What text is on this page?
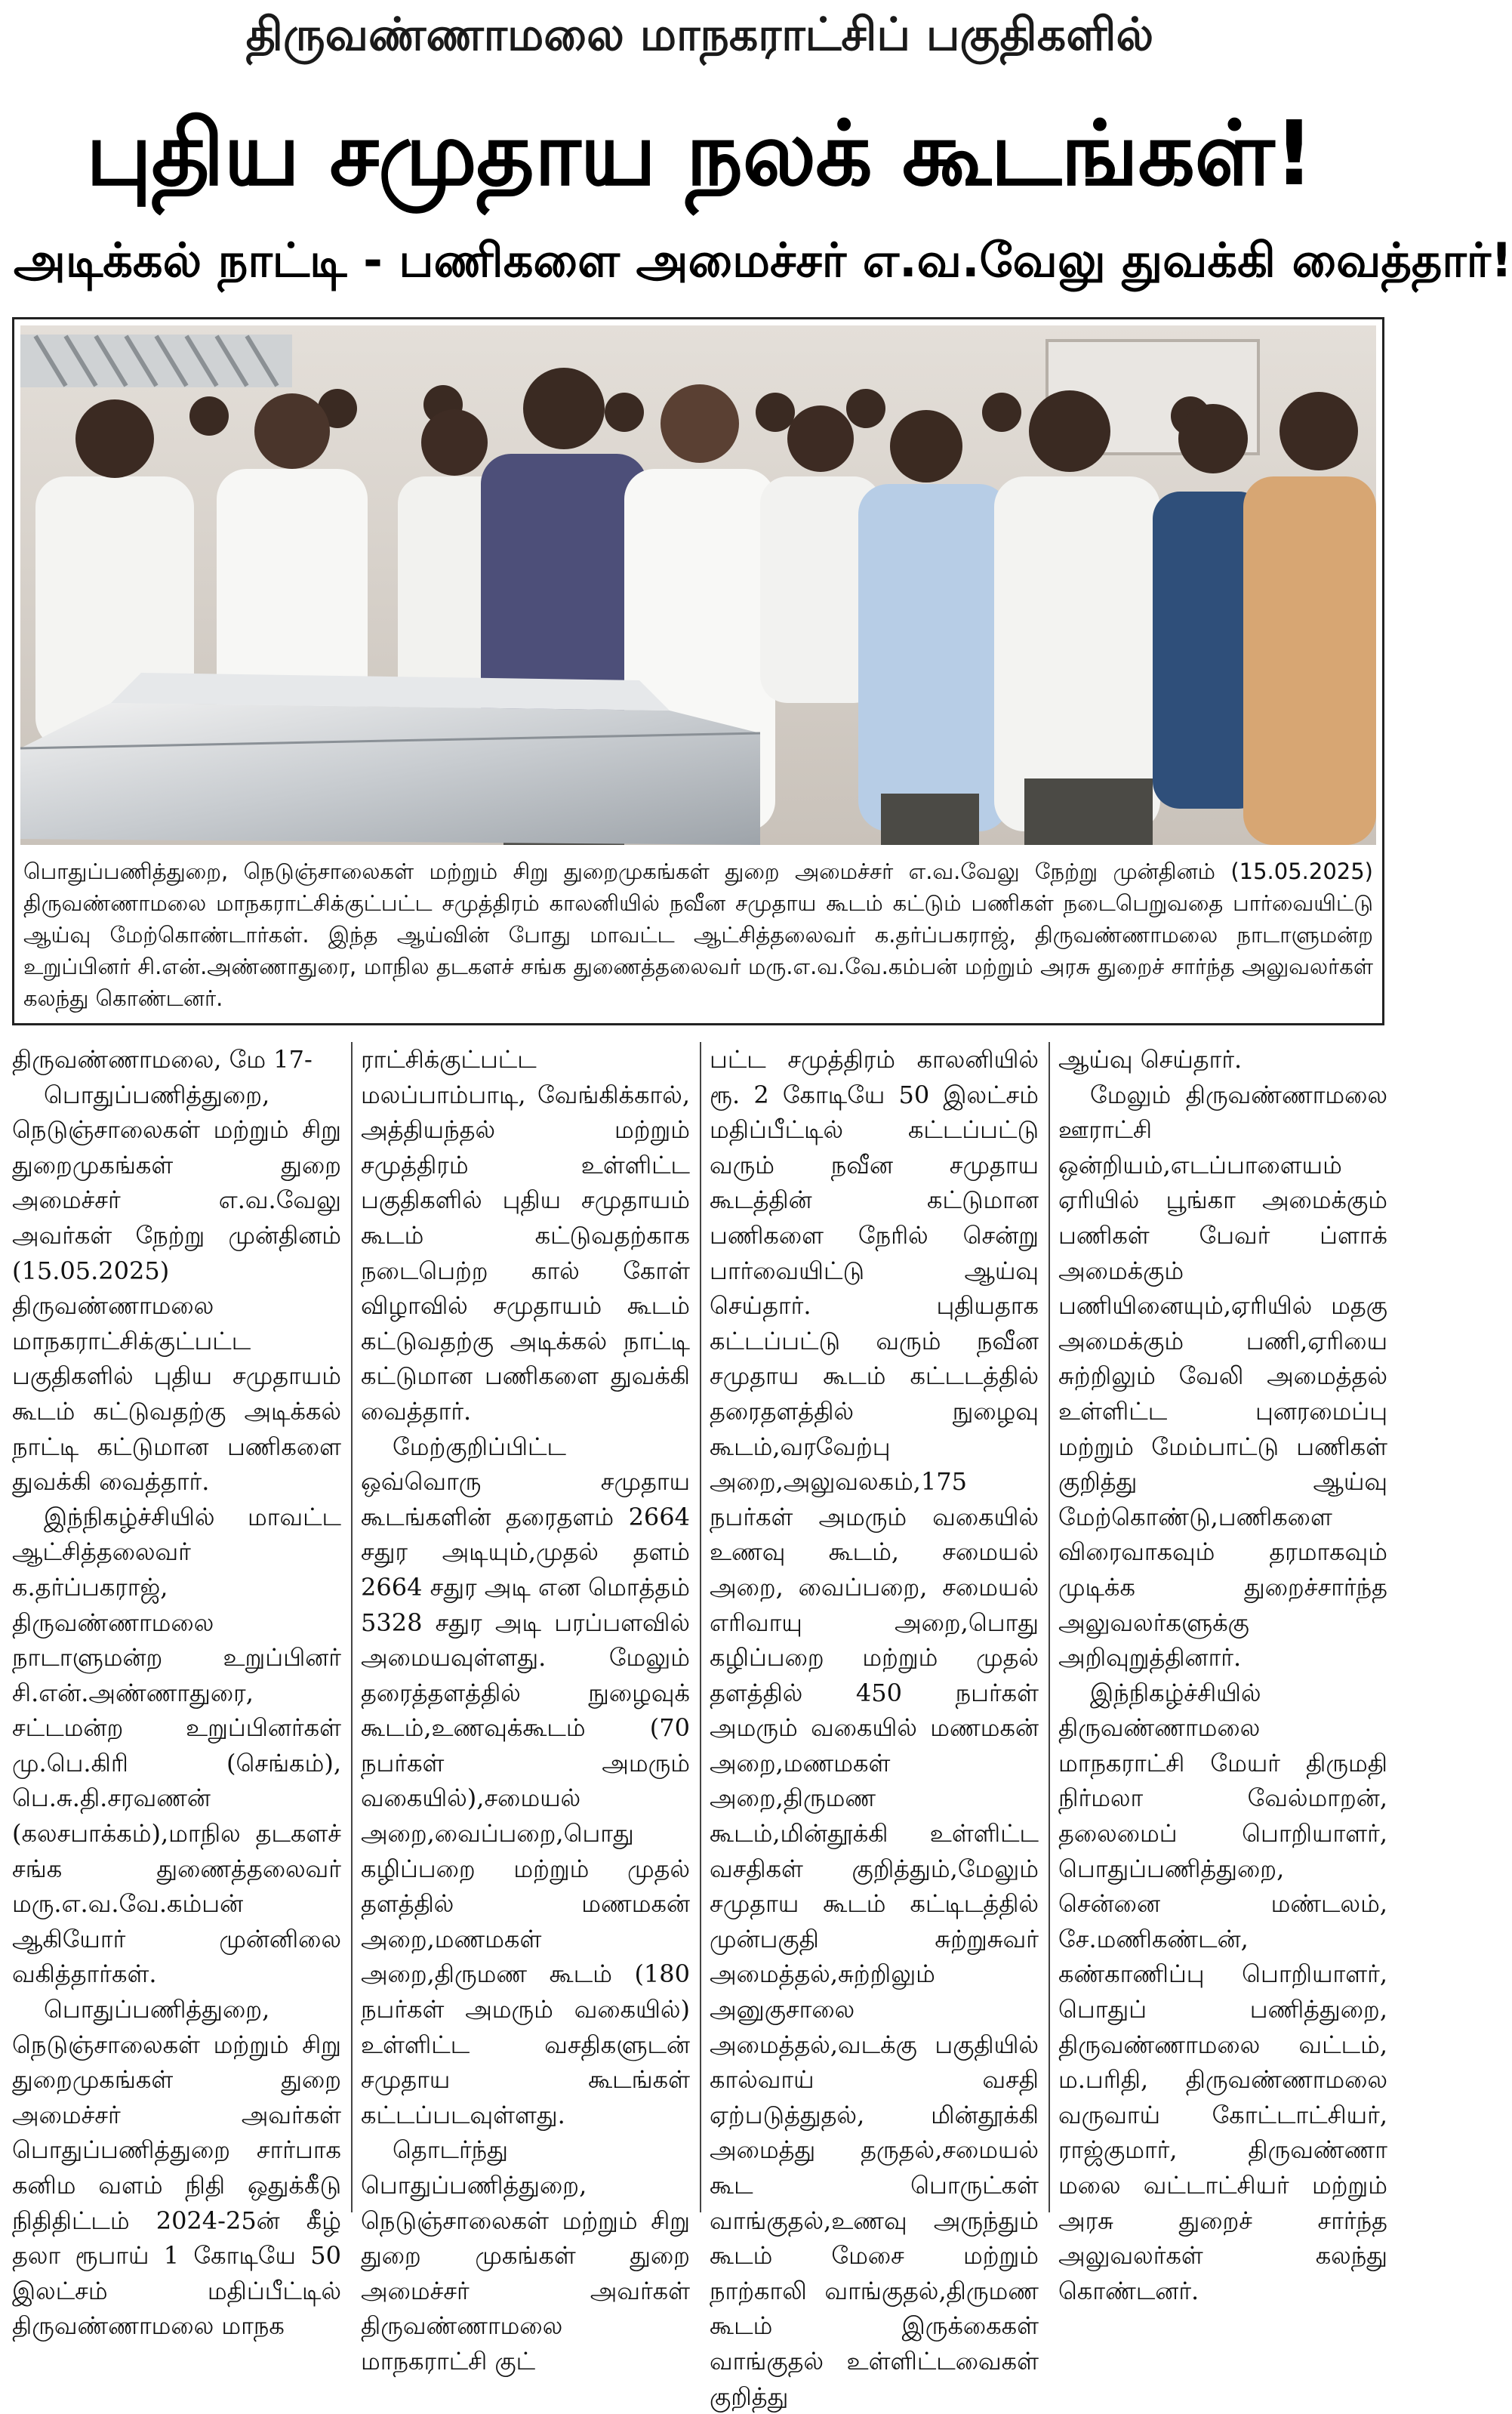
திருவண்ணாமலை மாநகராட்சிப் பகுதிகளில்
புதிய சமுதாய நலக் கூடங்கள்!
அடிக்கல் நாட்டி - பணிகளை அமைச்சர் எ.வ.வேலு துவக்கி வைத்தார்!
பொதுப்பணித்துறை, நெடுஞ்சாலைகள் மற்றும் சிறு துறைமுகங்கள் துறை அமைச்சர் எ.வ.வேலு நேற்று முன்தினம் (15.05.2025) திருவண்ணாமலை மாநகராட்சிக்குட்பட்ட சமுத்திரம் காலனியில் நவீன சமுதாய கூடம் கட்டும் பணிகள் நடைபெறுவதை பார்வையிட்டு ஆய்வு மேற்கொண்டார்கள். இந்த ஆய்வின் போது மாவட்ட ஆட்சித்தலைவர் க.தர்ப்பகராஜ், திருவண்ணாமலை நாடாளுமன்ற உறுப்பினர் சி.என்.அண்ணாதுரை, மாநில தடகளச் சங்க துணைத்தலைவர் மரு.எ.வ.வே.கம்பன் மற்றும் அரசு துறைச் சார்ந்த அலுவலர்கள் கலந்து கொண்டனர்.

திருவண்ணாமலை, மே 17-

பொதுப்பணித்துறை, நெடுஞ்சாலைகள் மற்றும் சிறு துறைமுகங்கள் துறை அமைச்சர் எ.வ.வேலு அவர்கள் நேற்று முன்தினம் (15.05.2025) திருவண்ணாமலை மாநகராட்சிக்குட்பட்ட பகுதிகளில் புதிய சமுதாயம் கூடம் கட்டுவதற்கு அடிக்கல் நாட்டி கட்டுமான பணிகளை துவக்கி வைத்தார்.

இந்நிகழ்ச்சியில் மாவட்ட ஆட்சித்தலைவர் க.தர்ப்பகராஜ், திருவண்ணாமலை நாடாளுமன்ற உறுப்பினர் சி.என்.அண்ணாதுரை, சட்டமன்ற உறுப்பினர்கள் மு.பெ.கிரி (செங்கம்), பெ.சு.தி.சரவணன் (கலசபாக்கம்),மாநில தடகளச் சங்க துணைத்தலைவர் மரு.எ.வ.வே.கம்பன் ஆகியோர் முன்னிலை வகித்தார்கள்.

பொதுப்பணித்துறை, நெடுஞ்சாலைகள் மற்றும் சிறு துறைமுகங்கள் துறை அமைச்சர் அவர்கள் பொதுப்பணித்துறை சார்பாக கனிம வளம் நிதி ஒதுக்கீடு நிதிதிட்டம் 2024-25ன் கீழ் தலா ரூபாய் 1 கோடியே 50 இலட்சம் மதிப்பீட்டில் திருவண்ணாமலை மாநக

ராட்சிக்குட்பட்ட மலப்பாம்பாடி, வேங்கிக்கால், அத்தியந்தல் மற்றும் சமுத்திரம் உள்ளிட்ட பகுதிகளில் புதிய சமுதாயம் கூடம் கட்டுவதற்காக நடைபெற்ற கால் கோள் விழாவில் சமுதாயம் கூடம் கட்டுவதற்கு அடிக்கல் நாட்டி கட்டுமான பணிகளை துவக்கி வைத்தார்.

மேற்குறிப்பிட்ட ஒவ்வொரு சமுதாய கூடங்களின் தரைதளம் 2664 சதுர அடியும்,முதல் தளம் 2664 சதுர அடி என மொத்தம் 5328 சதுர அடி பரப்பளவில் அமையவுள்ளது. மேலும் தரைத்தளத்தில் நுழைவுக் கூடம்,உணவுக்கூடம் (70 நபர்கள் அமரும் வகையில்),சமையல் அறை,வைப்பறை,பொது கழிப்பறை மற்றும் முதல் தளத்தில் மணமகன் அறை,மணமகள் அறை,திருமண கூடம் (180 நபர்கள் அமரும் வகையில்) உள்ளிட்ட வசதிகளுடன் சமுதாய கூடங்கள் கட்டப்படவுள்ளது.

தொடர்ந்து பொதுப்பணித்துறை, நெடுஞ்சாலைகள் மற்றும் சிறு துறை முகங்கள் துறை அமைச்சர் அவர்கள் திருவண்ணாமலை மாநகராட்சி குட்

பட்ட சமுத்திரம் காலனியில் ரூ. 2 கோடியே 50 இலட்சம் மதிப்பீட்டில் கட்டப்பட்டு வரும் நவீன சமுதாய கூடத்தின் கட்டுமான பணிகளை நேரில் சென்று பார்வையிட்டு ஆய்வு செய்தார். புதியதாக கட்டப்பட்டு வரும் நவீன சமுதாய கூடம் கட்டடத்தில் தரைதளத்தில் நுழைவு கூடம்,வரவேற்பு அறை,அலுவலகம்,175 நபர்கள் அமரும் வகையில் உணவு கூடம், சமையல் அறை, வைப்பறை, சமையல் எரிவாயு அறை,பொது கழிப்பறை மற்றும் முதல் தளத்தில் 450 நபர்கள் அமரும் வகையில் மணமகன் அறை,மணமகள் அறை,திருமண கூடம்,மின்தூக்கி உள்ளிட்ட வசதிகள் குறித்தும்,மேலும் சமுதாய கூடம் கட்டிடத்தில் முன்பகுதி சுற்றுசுவர் அமைத்தல்,சுற்றிலும் அனுகுசாலை அமைத்தல்,வடக்கு பகுதியில் கால்வாய் வசதி ஏற்படுத்துதல், மின்தூக்கி அமைத்து தருதல்,சமையல் கூட பொருட்கள் வாங்குதல்,உணவு அருந்தும் கூடம் மேசை மற்றும் நாற்காலி வாங்குதல்,திருமண கூடம் இருக்கைகள் வாங்குதல் உள்ளிட்டவைகள் குறித்து

ஆய்வு செய்தார்.

மேலும் திருவண்ணாமலை ஊராட்சி ஒன்றியம்,எடப்பாளையம் ஏரியில் பூங்கா அமைக்கும் பணிகள் பேவர் ப்ளாக் அமைக்கும் பணியினையும்,ஏரியில் மதகு அமைக்கும் பணி,ஏரியை சுற்றிலும் வேலி அமைத்தல் உள்ளிட்ட புனரமைப்பு மற்றும் மேம்பாட்டு பணிகள் குறித்து ஆய்வு மேற்கொண்டு,பணிகளை விரைவாகவும் தரமாகவும் முடிக்க துறைச்சார்ந்த அலுவலர்களுக்கு அறிவுறுத்தினார்.

இந்நிகழ்ச்சியில் திருவண்ணாமலை மாநகராட்சி மேயர் திருமதி நிர்மலா வேல்மாறன், தலைமைப் பொறியாளர், பொதுப்பணித்துறை, சென்னை மண்டலம், சே.மணிகண்டன், கண்காணிப்பு பொறியாளர், பொதுப் பணித்துறை, திருவண்ணாமலை வட்டம், ம.பரிதி, திருவண்ணாமலை வருவாய் கோட்டாட்சியர், ராஜ்குமார், திருவண்ணா மலை வட்டாட்சியர் மற்றும் அரசு துறைச் சார்ந்த அலுவலர்கள் கலந்து கொண்டனர்.
